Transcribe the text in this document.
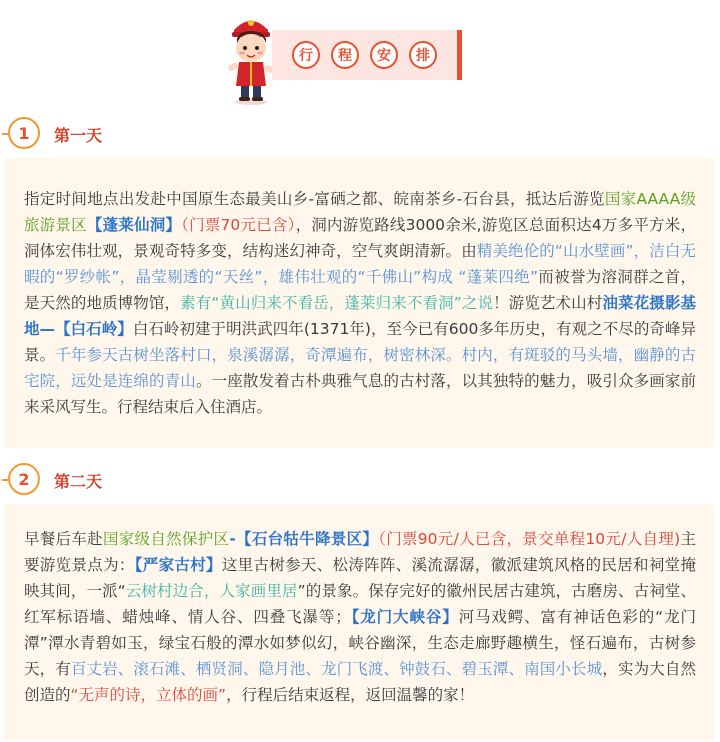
行	程	安	排
1	第一天

指定时间地点出发赴中国原生态最美山乡-富硒之都、皖南茶乡-石台县，抵达后游览国家AAAA级旅游景区【蓬莱仙洞】（门票70元已含），洞内游览路线3000余米,游览区总面积达4万多平方米，洞体宏伟壮观，景观奇特多变，结构迷幻神奇，空气爽朗清新。由精美绝伦的“山水壁画”，洁白无暇的“罗纱帐”，晶莹剔透的“天丝”，雄伟壮观的“千佛山”构成 “蓬莱四绝”而被誉为溶洞群之首，是天然的地质博物馆，素有“黄山归来不看岳，蓬莱归来不看洞”之说！游览艺术山村油菜花摄影基地—【白石岭】白石岭初建于明洪武四年(1371年)，至今已有600多年历史，有观之不尽的奇峰异景。千年参天古树坐落村口，泉溪潺潺，奇潭遍布，树密林深。村内，有斑驳的马头墙，幽静的古宅院，远处是连绵的青山。一座散发着古朴典雅气息的古村落，以其独特的魅力，吸引众多画家前来采风写生。行程结束后入住酒店。

2	第二天

早餐后车赴国家级自然保护区-【石台牯牛降景区】（门票90元/人已含，景交单程10元/人自理)主要游览景点为：【严家古村】这里古树参天、松涛阵阵、溪流潺潺，徽派建筑风格的民居和祠堂掩映其间，一派“云树村边合，人家画里居”的景象。保存完好的徽州民居古建筑，古磨房、古祠堂、红军标语墙、蜡烛峰、情人谷、四叠飞瀑等；【龙门大峡谷】河马戏鳄、富有神话色彩的“龙门潭”潭水青碧如玉，绿宝石般的潭水如梦似幻，峡谷幽深，生态走廊野趣横生，怪石遍布，古树参天，有百丈岩、滚石滩、栖贤洞、隐月池、龙门飞渡、钟鼓石、碧玉潭、南国小长城，实为大自然创造的“无声的诗，立体的画”，行程后结束返程，返回温馨的家！
